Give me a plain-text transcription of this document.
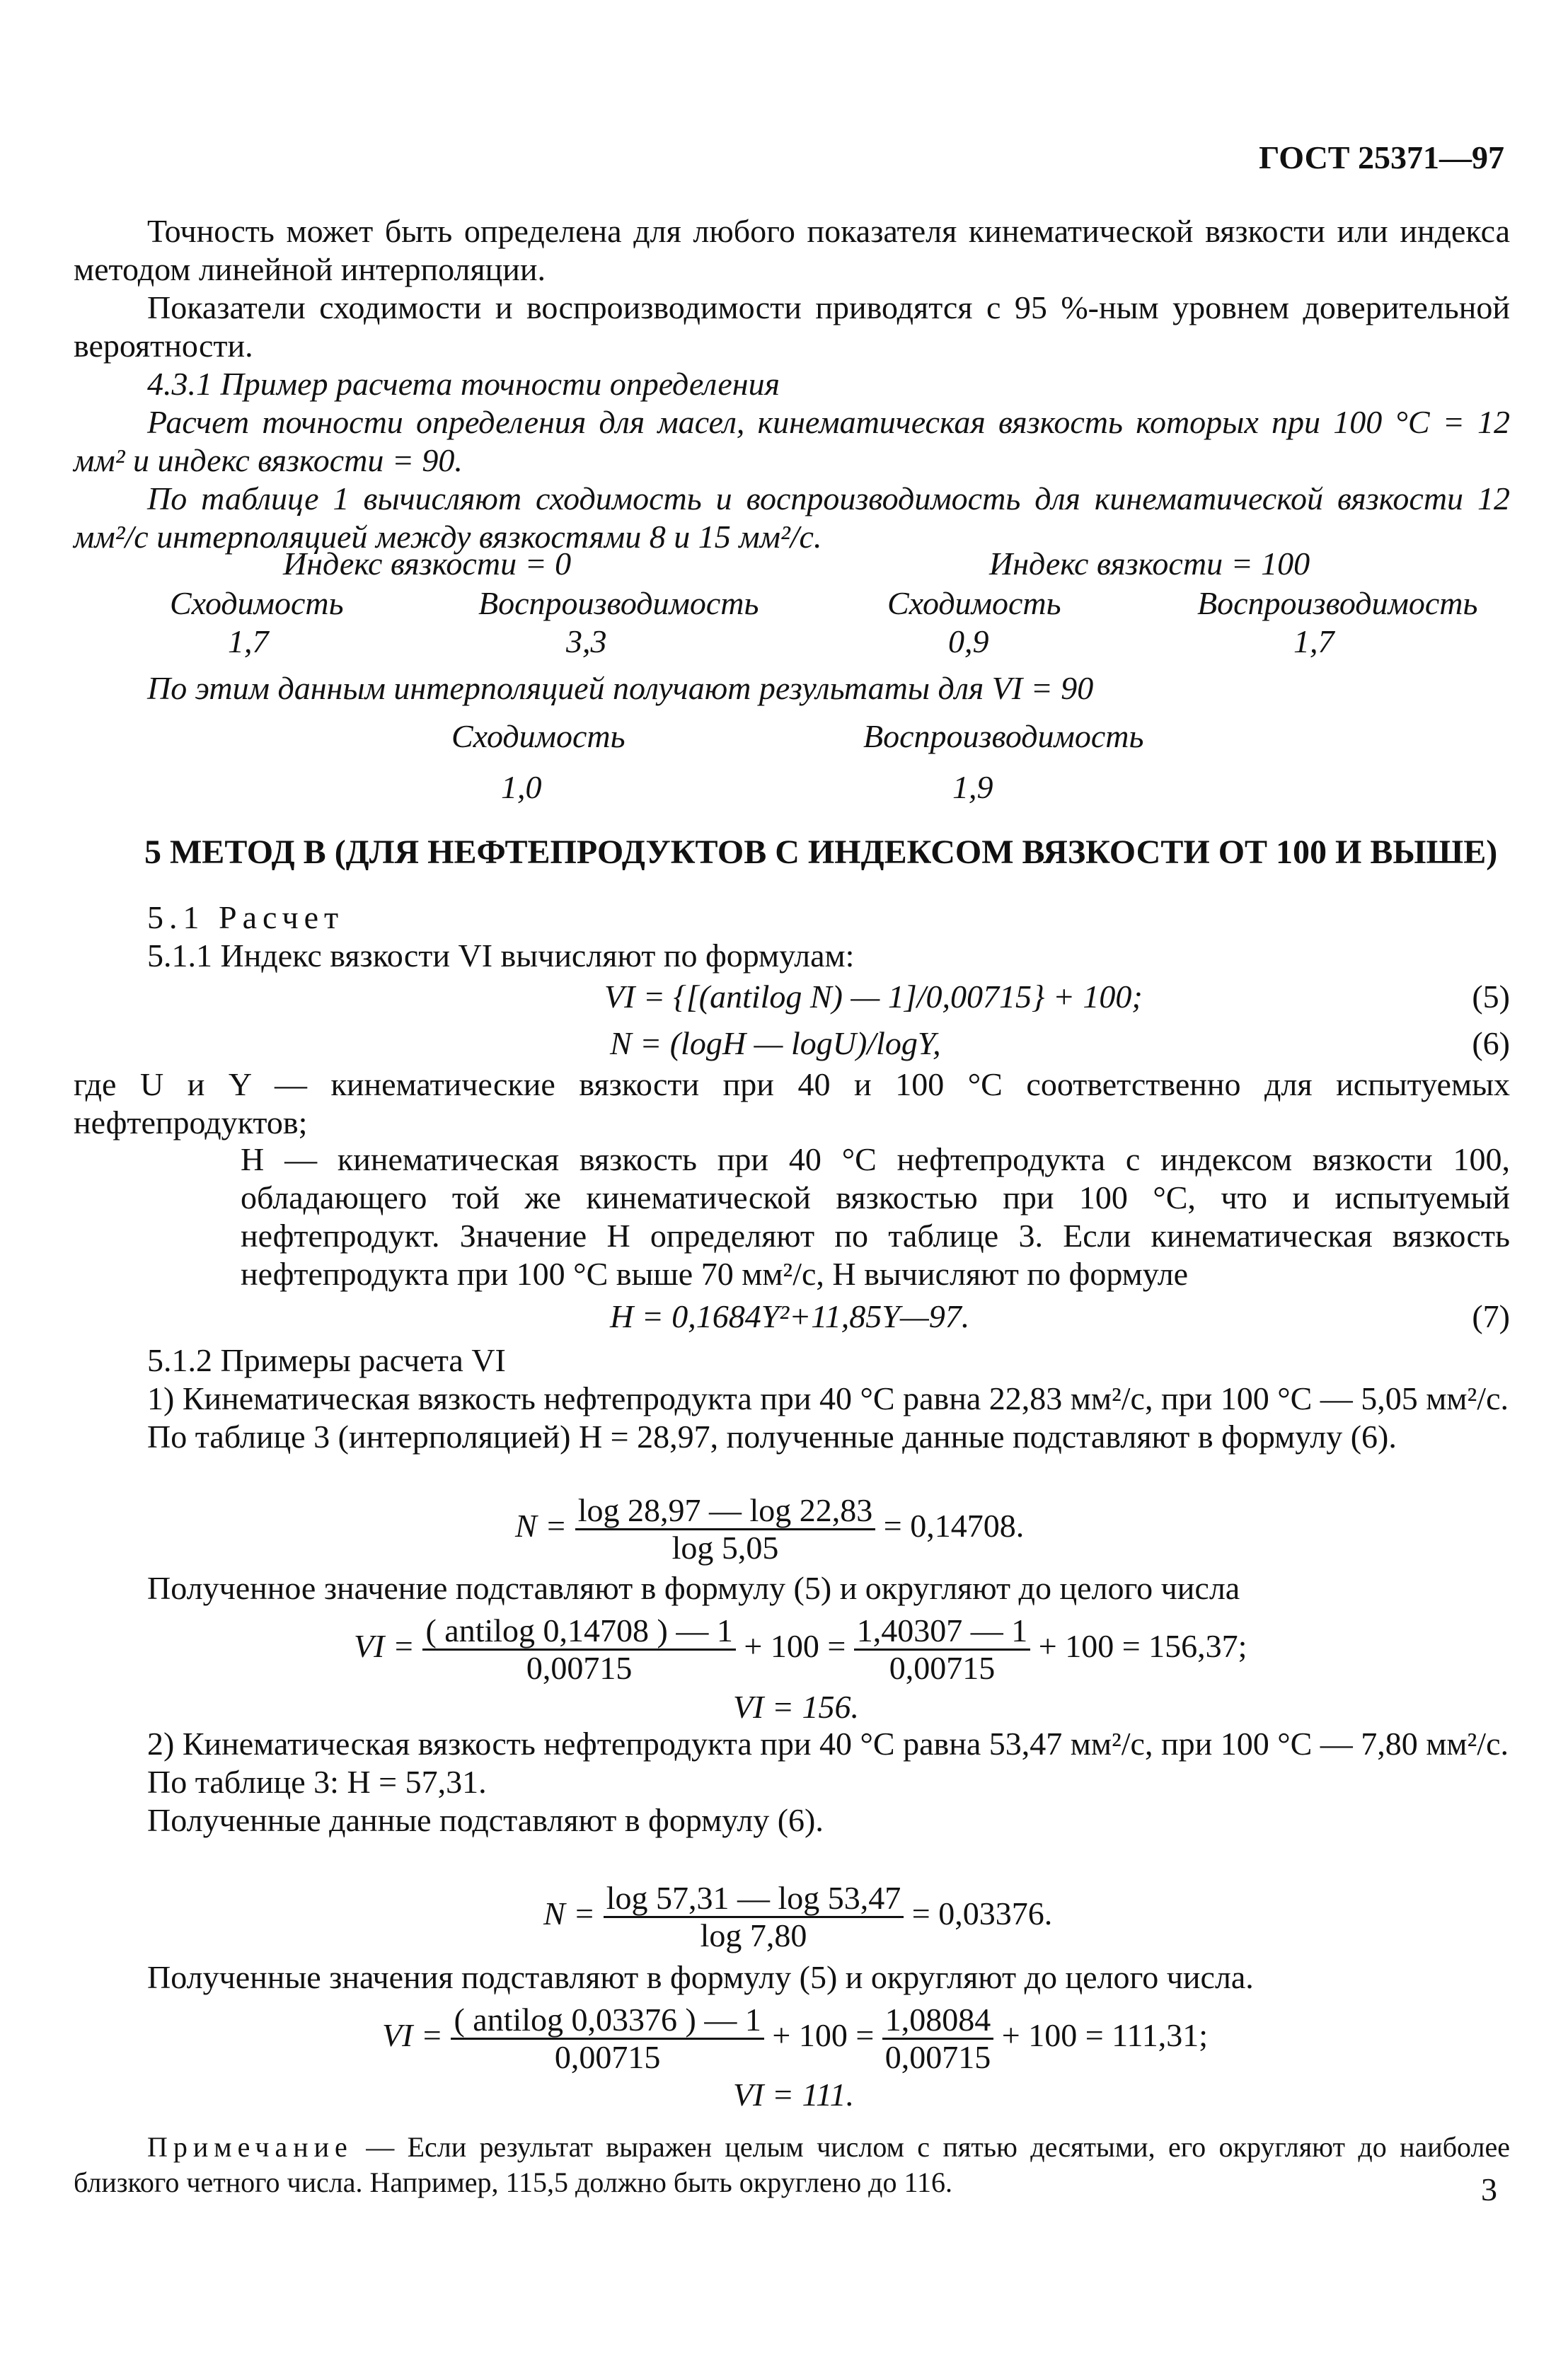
ГОСТ 25371—97

Точность может быть определена для любого показателя кинематической вязкости или индекса методом линейной интерполяции.

Показатели сходимости и воспроизводимости приводятся с 95 %-ным уровнем доверительной вероятности.

4.3.1 Пример расчета точности определения

Расчет точности определения для масел, кинематическая вязкость которых при 100 °С = 12 мм² и индекс вязкости = 90.

По таблице 1 вычисляют сходимость и воспроизводимость для кинематической вязкости 12 мм²/с интерполяцией между вязкостями 8 и 15 мм²/с.

Индекс вязкости = 0	Индекс вязкости = 100
Сходимость	Воспроизводимость	Сходимость	Воспроизводимость
1,7	3,3	0,9	1,7
По этим данным интерполяцией получают результаты для VI = 90
Сходимость	Воспроизводимость
1,0	1,9
5 МЕТОД В (ДЛЯ НЕФТЕПРОДУКТОВ С ИНДЕКСОМ ВЯЗКОСТИ ОТ 100 И ВЫШЕ)

5.1 Расчет

5.1.1 Индекс вязкости VI вычисляют по формулам:

VI = {[(antilog N) — 1]/0,00715} + 100;	(5)
N = (logH — logU)/logY,	(6)
где U и Y — кинематические вязкости при 40 и 100 °С соответственно для испытуемых нефтепродуктов;
H — кинематическая вязкость при 40 °С нефтепродукта с индексом вязкости 100, обладающего той же кинематической вязкостью при 100 °С, что и испытуемый нефтепродукт. Значение H определяют по таблице 3. Если кинематическая вязкость нефтепродукта при 100 °С выше 70 мм²/с, H вычисляют по формуле
H = 0,1684Y²+11,85Y—97.	(7)

5.1.2 Примеры расчета VI

1) Кинематическая вязкость нефтепродукта при 40 °С равна 22,83 мм²/с, при 100 °С — 5,05 мм²/с.

По таблице 3 (интерполяцией) H = 28,97, полученные данные подставляют в формулу (6).

$N = \frac{\log 28,97 — \log 22,83}{\log 5,05} = 0,14708$.

Полученное значение подставляют в формулу (5) и округляют до целого числа

VI = $\frac{\text{( antilog 0,14708 ) — 1}}{0,00715} + 100 = \frac{1,40307 — 1}{0,00715} + 100 = 156,37$;
VI = 156.

2) Кинематическая вязкость нефтепродукта при 40 °С равна 53,47 мм²/с, при 100 °С — 7,80 мм²/с.

По таблице 3: H = 57,31.

Полученные данные подставляют в формулу (6).

$N = \frac{\log 57,31 — \log 53,47}{\log 7,80} = 0,03376$.

Полученные значения подставляют в формулу (5) и округляют до целого числа.

VI = $\frac{\text{( antilog 0,03376 ) — 1}}{0,00715} + 100 = \frac{1,08084}{0,00715} + 100 = 111,31$;
VI = 111.

Примечание — Если результат выражен целым числом с пятью десятыми, его округляют до наиболее близкого четного числа. Например, 115,5 должно быть округлено до 116.	3
